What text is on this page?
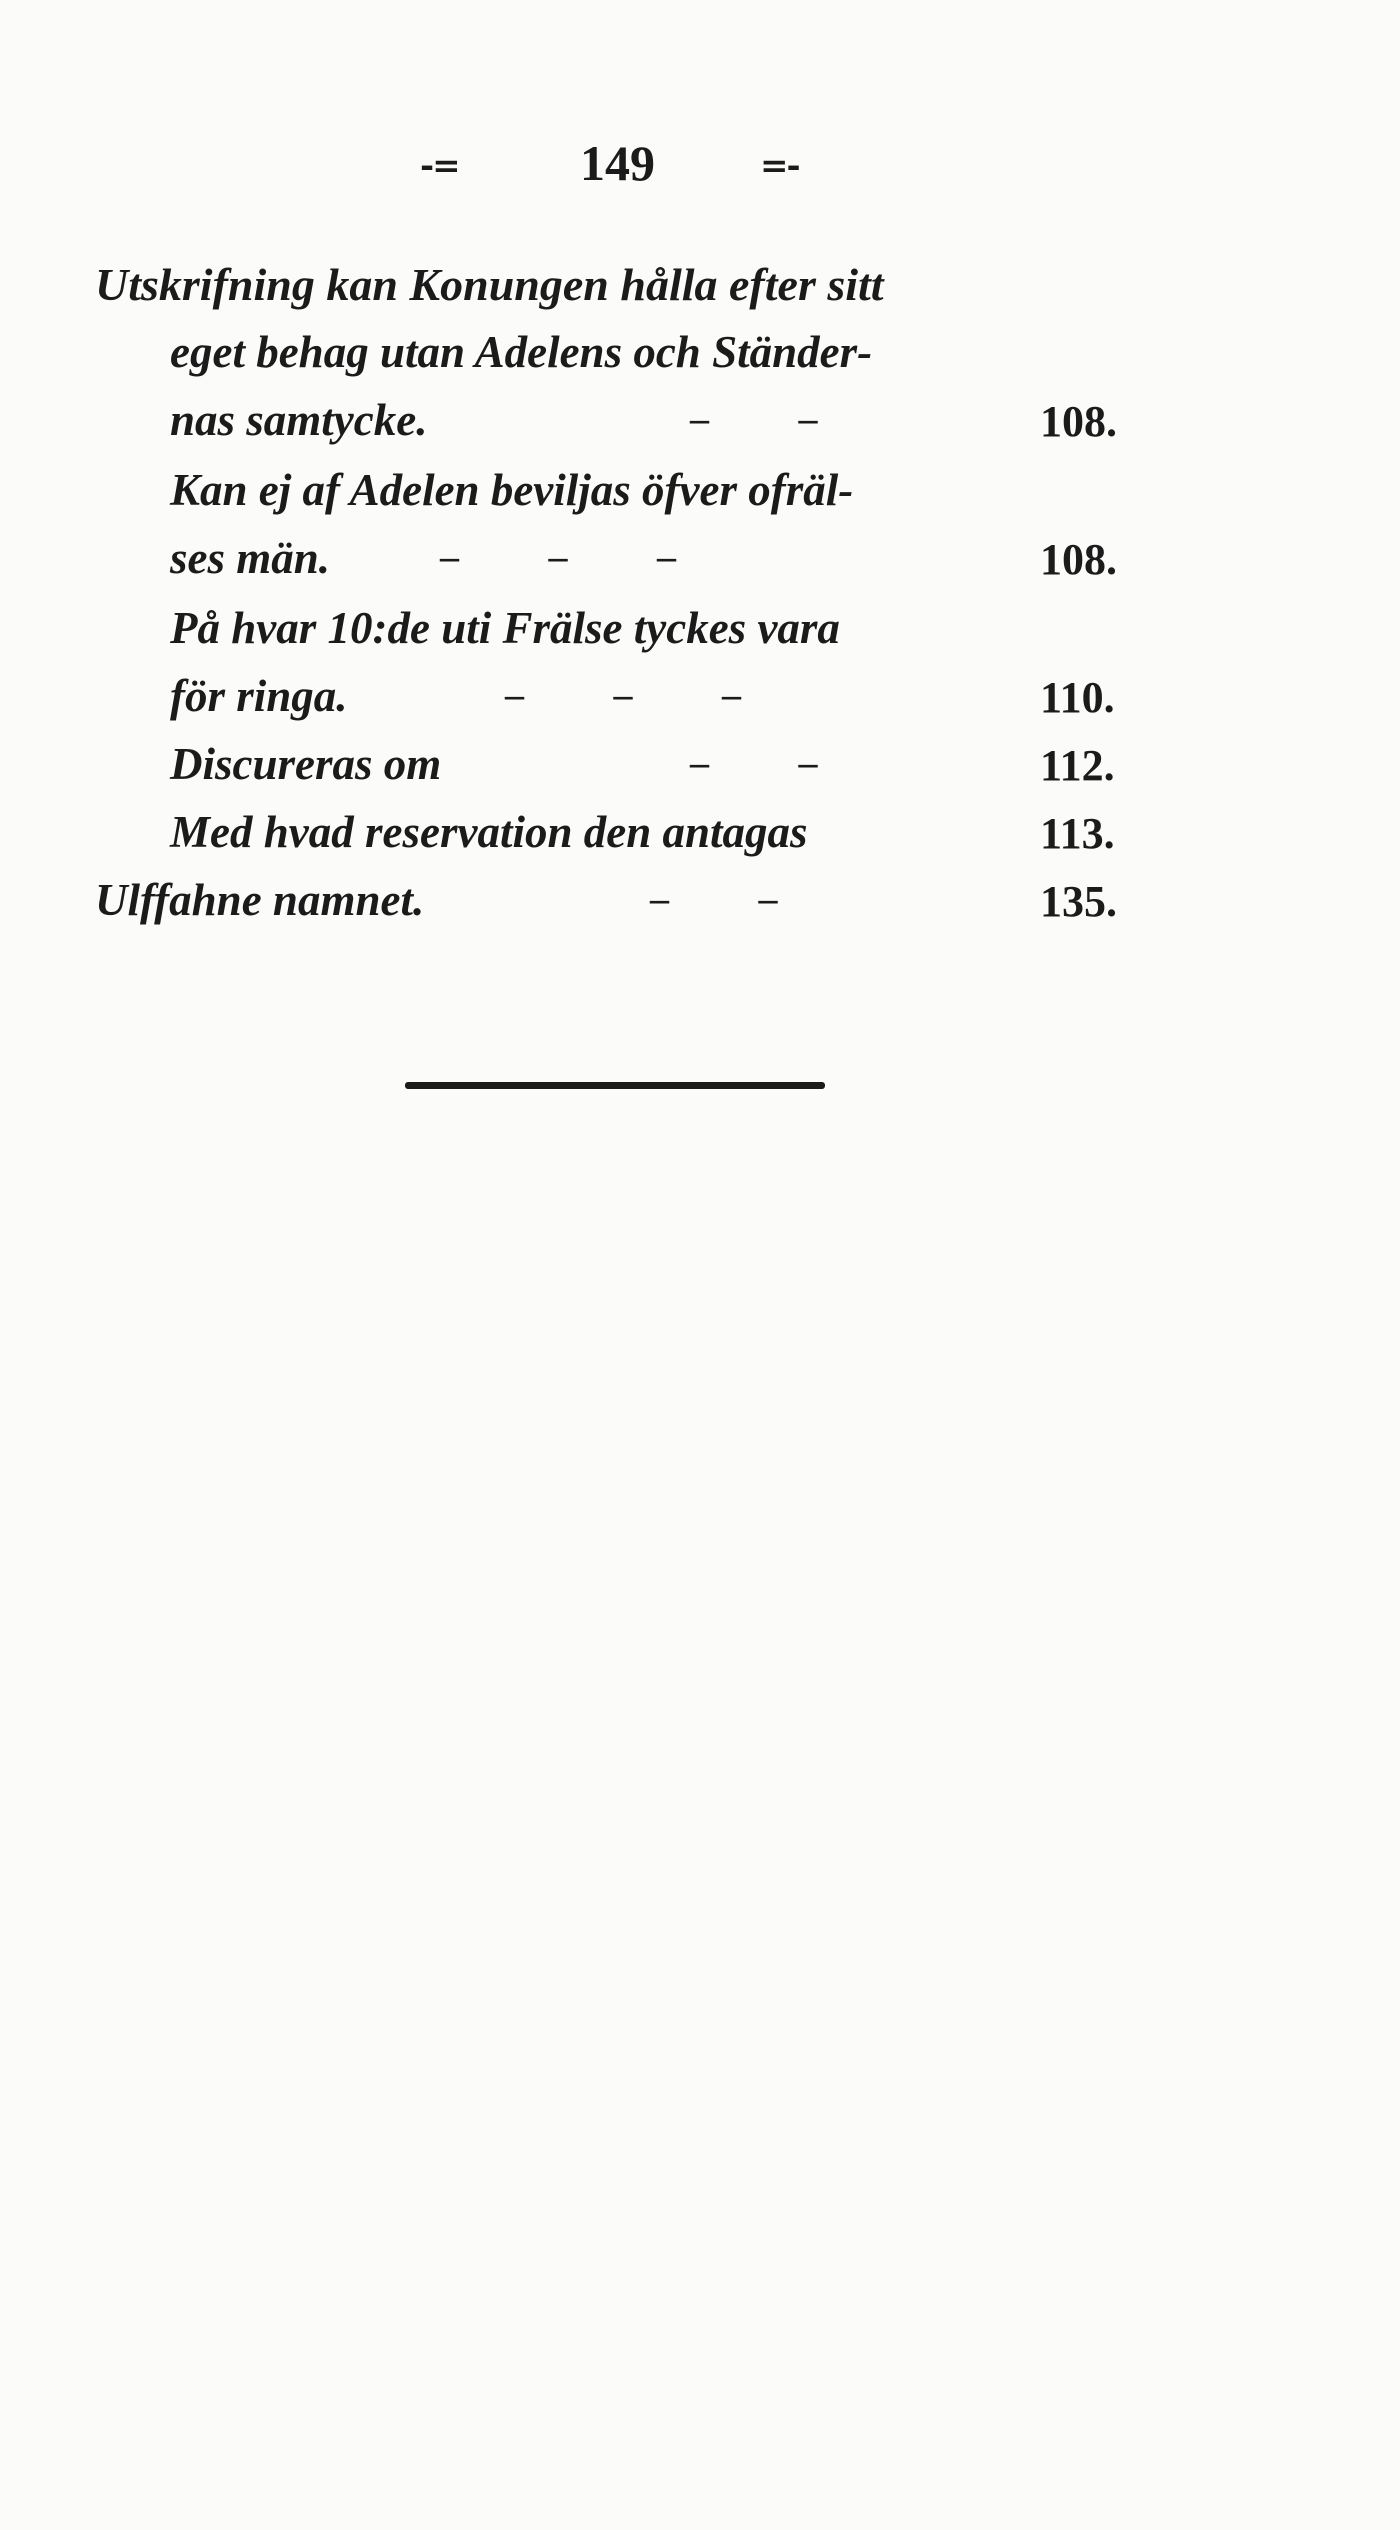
-= 149	=-
Utskrifning kan Konungen hålla efter sitt
eget behag utan Adelens och Ständer-
nas samtycke.	– –	108.
Kan ej af Adelen beviljas öfver ofräl-
ses män.	– – –	108.
På hvar 10:de uti Frälse tyckes vara
för ringa.	– – –	110.
Discureras om	– –	112.
Med hvad reservation den antagas	113.
Ulffahne namnet.	– –	135.
